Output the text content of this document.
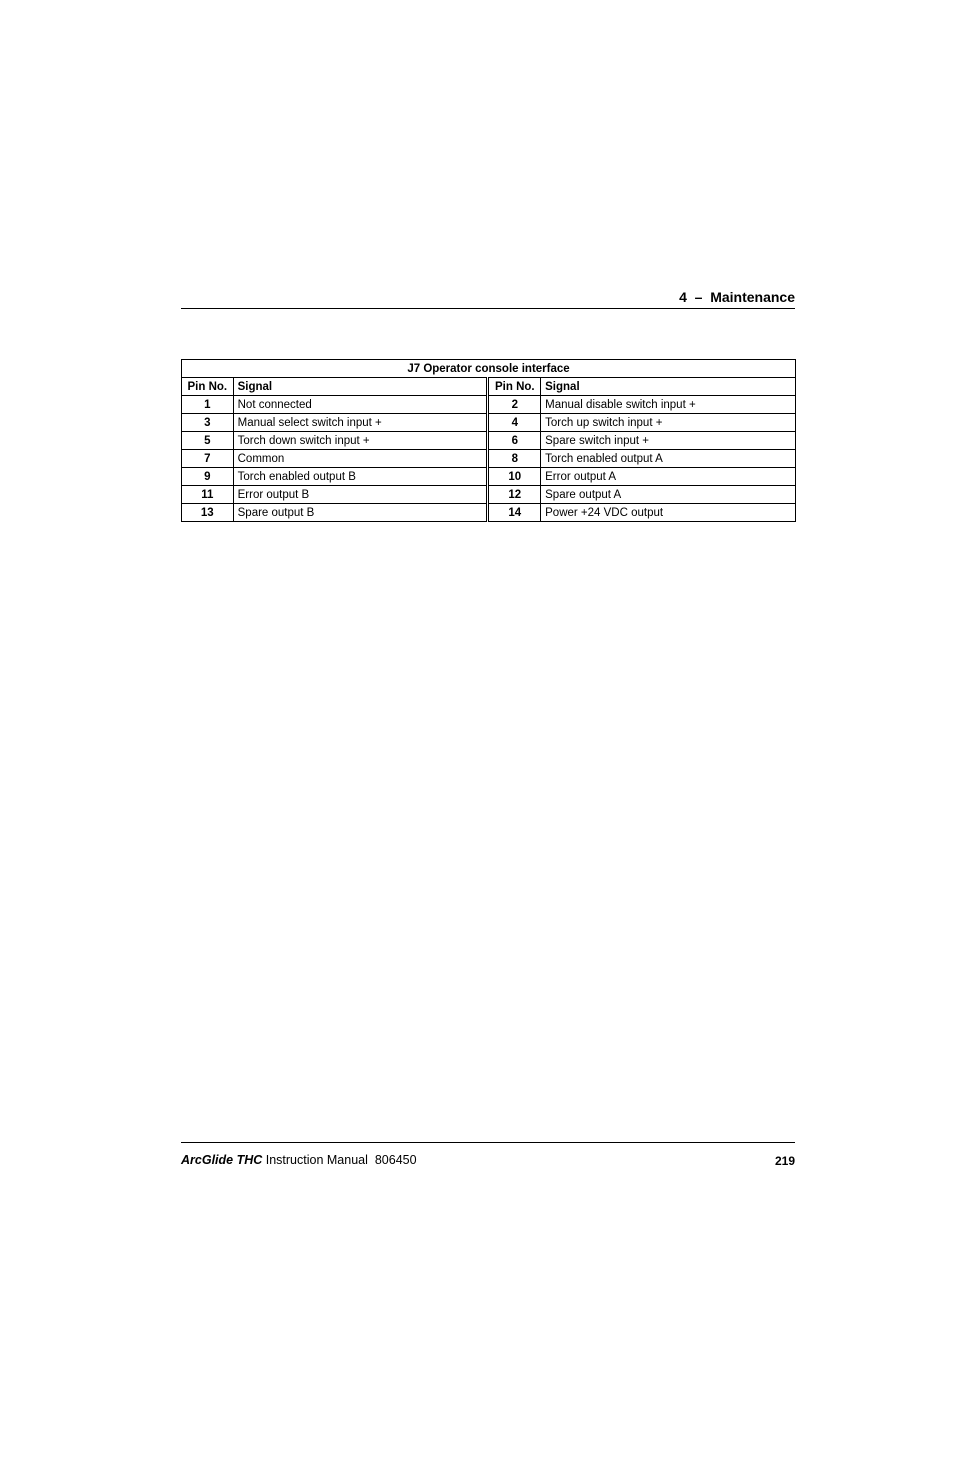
4  –  Maintenance
J7 Operator console interface			
Pin No.	Signal	Pin No.	Signal
1	Not connected	2	Manual disable switch input +
3	Manual select switch input +	4	Torch up switch input +
5	Torch down switch input +	6	Spare switch input +
7	Common	8	Torch enabled output A
9	Torch enabled output B	10	Error output A
11	Error output B	12	Spare output A
13	Spare output B	14	Power +24 VDC output
ArcGlide THC Instruction Manual  806450	219
